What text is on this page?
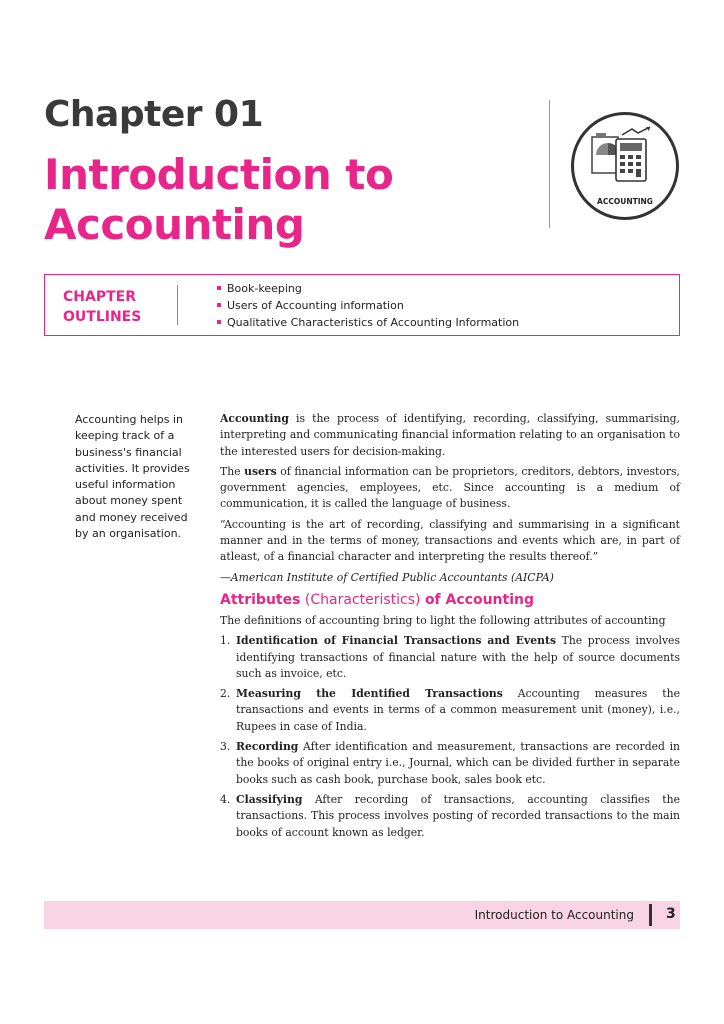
Chapter 01
Introduction to
Accounting	ACCOUNTING
CHAPTER
OUTLINES
Book-keeping
Users of Accounting information
Qualitative Characteristics of Accounting Information
Accounting helps in keeping track of a business's financial activities. It provides useful information about money spent and money received by an organisation.

Accounting is the process of identifying, recording, classifying, summarising, interpreting and communicating financial information relating to an organisation to the interested users for decision-making.

The users of financial information can be proprietors, creditors, debtors, investors, government agencies, employees, etc. Since accounting is a medium of communication, it is called the language of business.

“Accounting is the art of recording, classifying and summarising in a significant manner and in the terms of money, transactions and events which are, in part of atleast, of a financial character and interpreting the results thereof.”

—American Institute of Certified Public Accountants (AICPA)

Attributes (Characteristics) of Accounting

The definitions of accounting bring to light the following attributes of accounting

1. Identification of Financial Transactions and Events The process involves identifying transactions of financial nature with the help of source documents such as invoice, etc.
2. Measuring the Identified Transactions Accounting measures the transactions and events in terms of a common measurement unit (money), i.e., Rupees in case of India.
3. Recording After identification and measurement, transactions are recorded in the books of original entry i.e., Journal, which can be divided further in separate books such as cash book, purchase book, sales book etc.
4. Classifying After recording of transactions, accounting classifies the transactions. This process involves posting of recorded transactions to the main books of account known as ledger.
Introduction to Accounting 3
